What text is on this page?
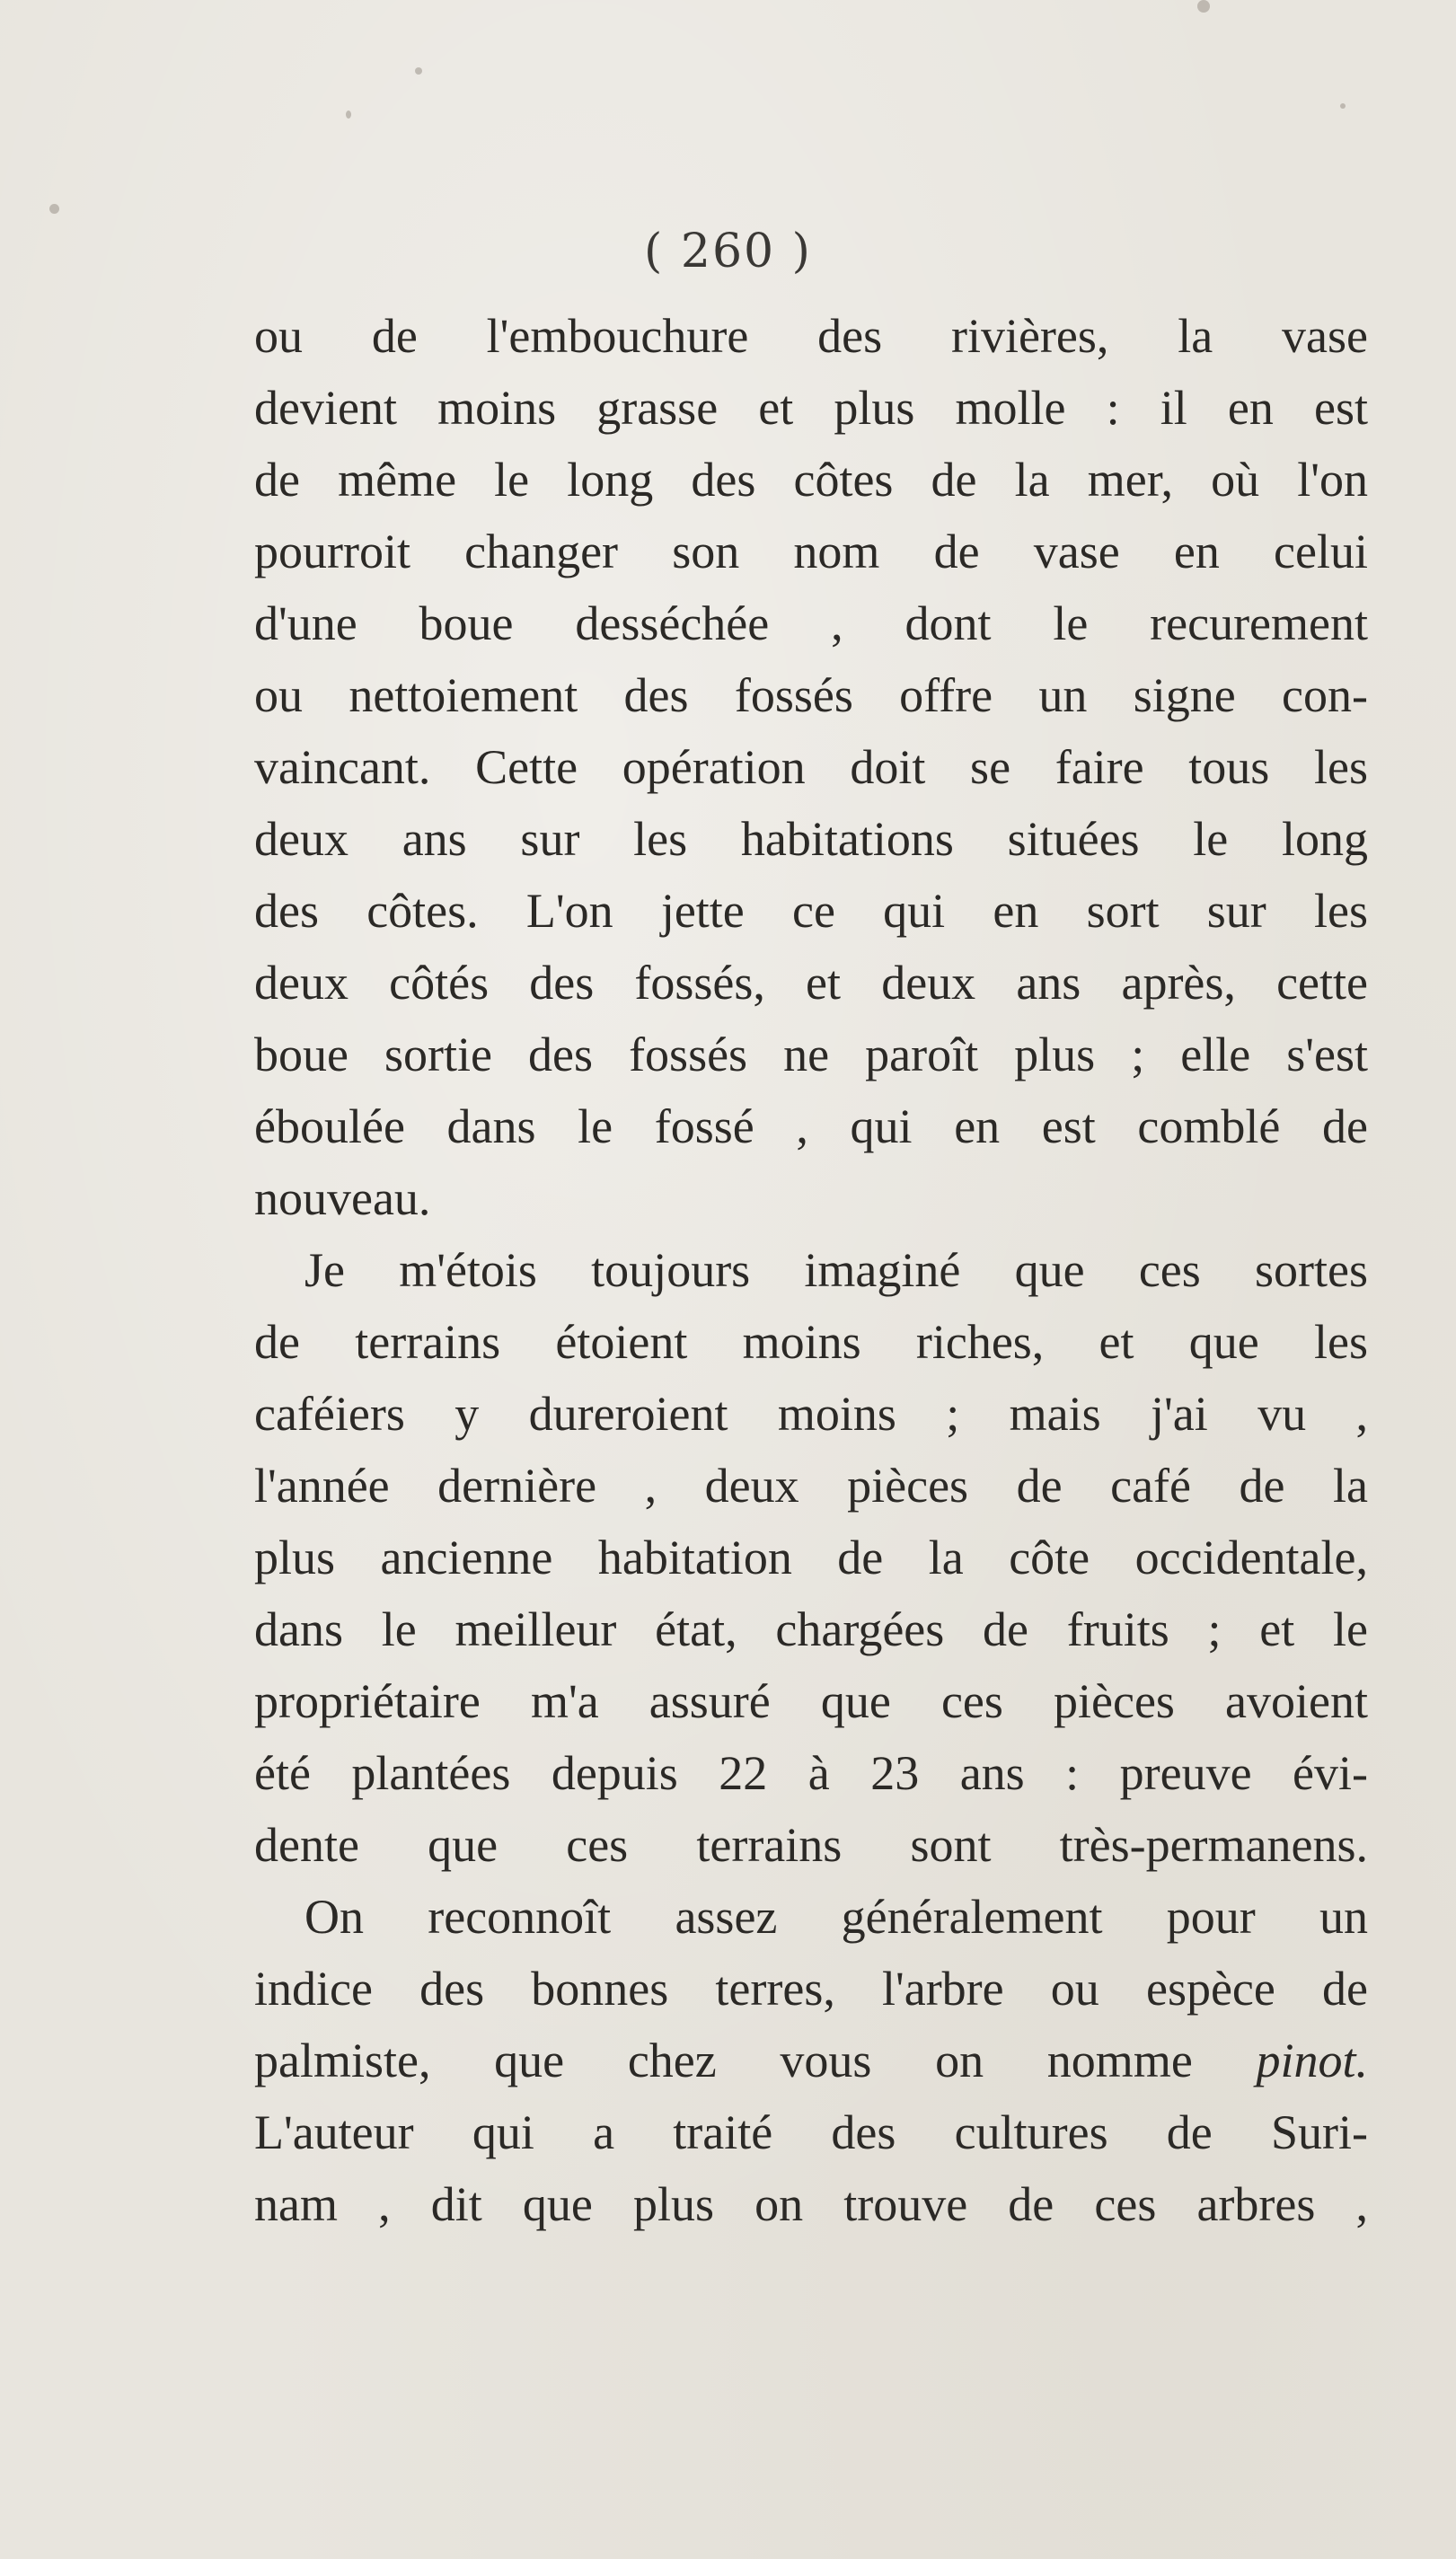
( 260 )
ou de l'embouchure des rivières, la vase
devient moins grasse et plus molle : il en est
de même le long des côtes de la mer, où l'on
pourroit changer son nom de vase en celui
d'une boue desséchée , dont le recurement
ou nettoiement des fossés offre un signe con-
vaincant. Cette opération doit se faire tous les
deux ans sur les habitations situées le long
des côtes. L'on jette ce qui en sort sur les
deux côtés des fossés, et deux ans après, cette
boue sortie des fossés ne paroît plus ; elle s'est
éboulée dans le fossé , qui en est comblé de
nouveau.
Je m'étois toujours imaginé que ces sortes
de terrains étoient moins riches, et que les
caféiers y dureroient moins ; mais j'ai vu ,
l'année dernière , deux pièces de café de la
plus ancienne habitation de la côte occidentale,
dans le meilleur état, chargées de fruits ; et le
propriétaire m'a assuré que ces pièces avoient
été plantées depuis 22 à 23 ans : preuve évi-
dente que ces terrains sont très-permanens.
On reconnoît assez généralement pour un
indice des bonnes terres, l'arbre ou espèce de
palmiste, que chez vous on nomme pinot.
L'auteur qui a traité des cultures de Suri-
nam , dit que plus on trouve de ces arbres ,
